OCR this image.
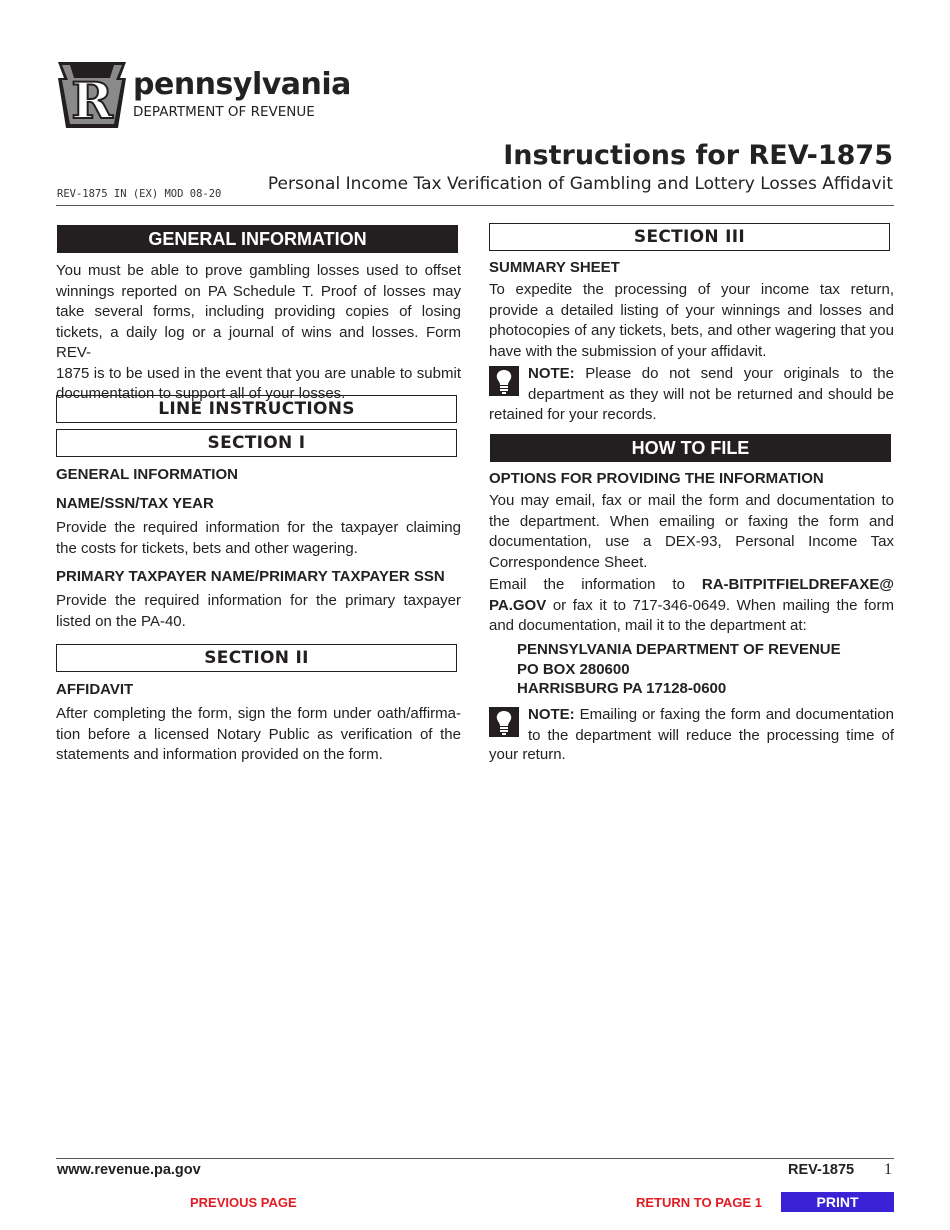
R pennsylvania
DEPARTMENT OF REVENUE
Instructions for REV-1875
Personal Income Tax Verification of Gambling and Lottery Losses Affidavit
REV-1875 IN (EX) MOD 08-20
GENERAL INFORMATION

You must be able to prove gambling losses used to offset

winnings reported on PA Schedule T. Proof of losses may

take several forms, including providing copies of losing

tickets, a daily log or a journal of wins and losses. Form REV-

1875 is to be used in the event that you are unable to submit

documentation to support all of your losses.

LINE INSTRUCTIONS
SECTION I
GENERAL INFORMATION
NAME/SSN/TAX YEAR

Provide the required information for the taxpayer claiming

the costs for tickets, bets and other wagering.

PRIMARY TAXPAYER NAME/PRIMARY TAXPAYER SSN

Provide the required information for the primary taxpayer

listed on the PA-40.

SECTION II
AFFIDAVIT

After completing the form, sign the form under oath/affirma-

tion before a licensed Notary Public as verification of the

statements and information provided on the form.

SECTION III
SUMMARY SHEET

To expedite the processing of your income tax return,

provide a detailed listing of your winnings and losses and

photocopies of any tickets, bets, and other wagering that you

have with the submission of your affidavit.

NOTE: Please do not send your originals to the

department as they will not be returned and should be

retained for your records.
HOW TO FILE
OPTIONS FOR PROVIDING THE INFORMATION

You may email, fax or mail the form and documentation to

the department. When emailing or faxing the form and

documentation, use a DEX-93, Personal Income Tax

Correspondence Sheet.

Email the information to RA-BITPITFIELDREFAXE@

PA.GOV or fax it to 717-346-0649. When mailing the form

and documentation, mail it to the department at:

PENNSYLVANIA DEPARTMENT OF REVENUE

PO BOX 280600

HARRISBURG PA 17128-0600

NOTE: Emailing or faxing the form and documentation

to the department will reduce the processing time of

your return.
www.revenue.pa.gov	REV-1875 1
PREVIOUS PAGE	RETURN TO PAGE 1	PRINT
